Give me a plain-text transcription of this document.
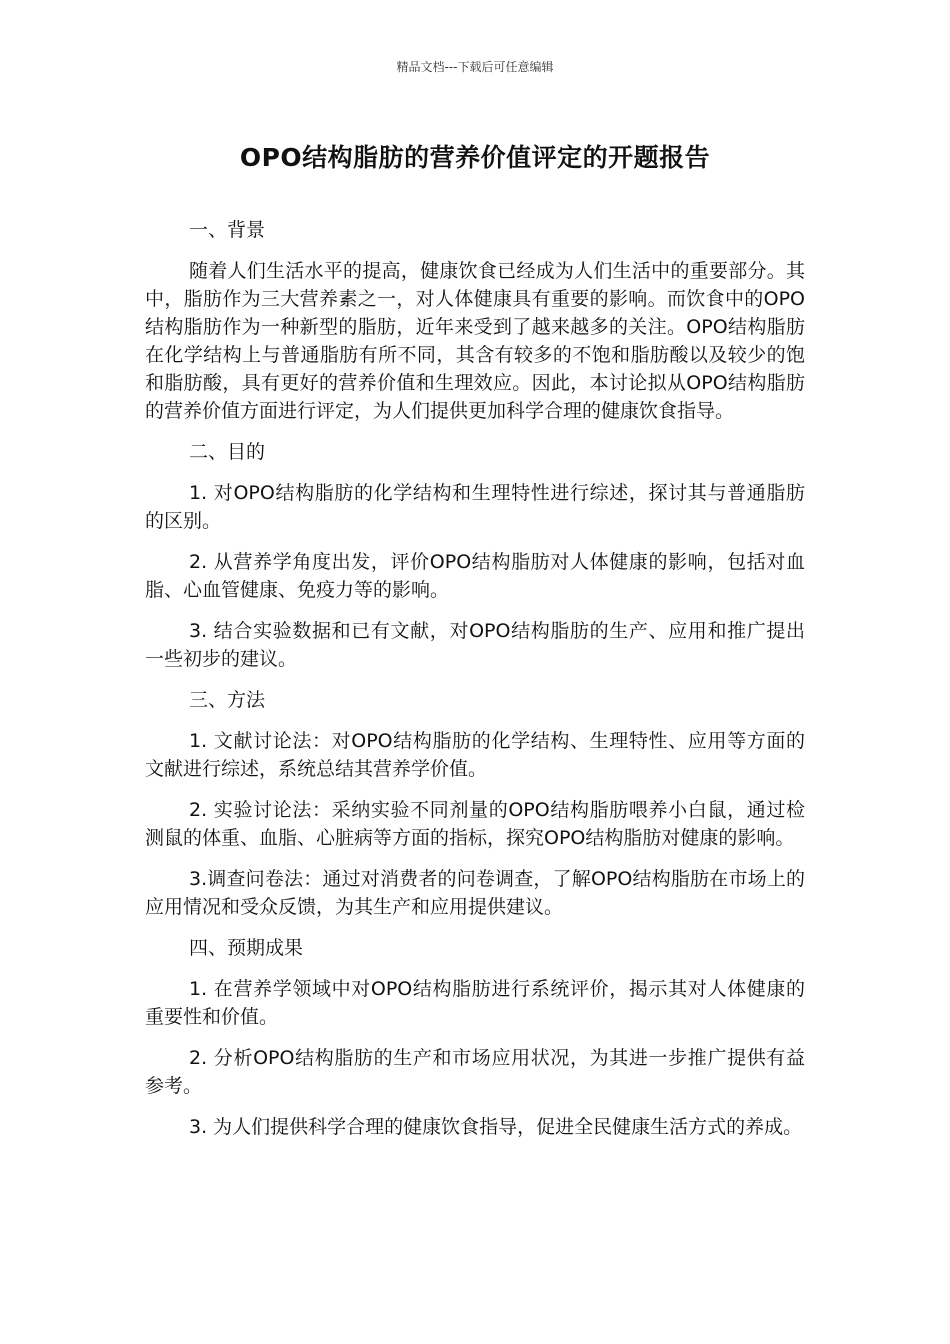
精品文档---下载后可任意编辑
OPO结构脂肪的营养价值评定的开题报告
一、背景
随着人们生活水平的提高，健康饮食已经成为人们生活中的重要部分。其中，脂肪作为三大营养素之一，对人体健康具有重要的影响。而饮食中的OPO结构脂肪作为一种新型的脂肪，近年来受到了越来越多的关注。OPO结构脂肪在化学结构上与普通脂肪有所不同，其含有较多的不饱和脂肪酸以及较少的饱和脂肪酸，具有更好的营养价值和生理效应。因此，本讨论拟从OPO结构脂肪的营养价值方面进行评定，为人们提供更加科学合理的健康饮食指导。
二、目的
1. 对OPO结构脂肪的化学结构和生理特性进行综述，探讨其与普通脂肪的区别。
2. 从营养学角度出发，评价OPO结构脂肪对人体健康的影响，包括对血脂、心血管健康、免疫力等的影响。
3. 结合实验数据和已有文献，对OPO结构脂肪的生产、应用和推广提出一些初步的建议。
三、方法
1. 文献讨论法：对OPO结构脂肪的化学结构、生理特性、应用等方面的文献进行综述，系统总结其营养学价值。
2. 实验讨论法：采纳实验不同剂量的OPO结构脂肪喂养小白鼠，通过检测鼠的体重、血脂、心脏病等方面的指标，探究OPO结构脂肪对健康的影响。
3.调查问卷法：通过对消费者的问卷调查，了解OPO结构脂肪在市场上的应用情况和受众反馈，为其生产和应用提供建议。
四、预期成果
1. 在营养学领域中对OPO结构脂肪进行系统评价，揭示其对人体健康的重要性和价值。
2. 分析OPO结构脂肪的生产和市场应用状况，为其进一步推广提供有益参考。
3. 为人们提供科学合理的健康饮食指导，促进全民健康生活方式的养成。
